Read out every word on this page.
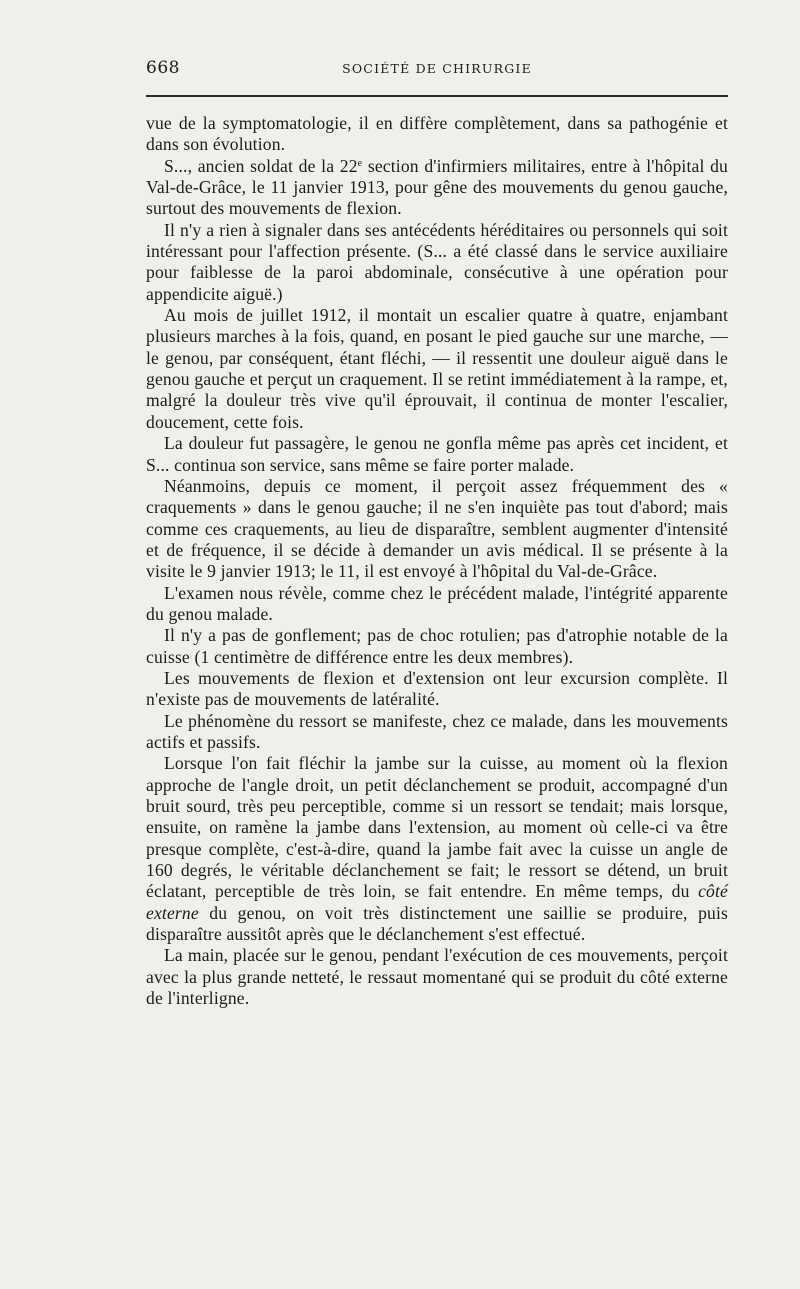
668	SOCIÉTÉ DE CHIRURGIE

vue de la symptomatologie, il en diffère complètement, dans sa pathogénie et dans son évolution.

S..., ancien soldat de la 22e section d'infirmiers militaires, entre à l'hôpital du Val-de-Grâce, le 11 janvier 1913, pour gêne des mouvements du genou gauche, surtout des mouvements de flexion.

Il n'y a rien à signaler dans ses antécédents héréditaires ou personnels qui soit intéressant pour l'affection présente. (S... a été classé dans le service auxiliaire pour faiblesse de la paroi abdominale, consécutive à une opération pour appendicite aiguë.)

Au mois de juillet 1912, il montait un escalier quatre à quatre, enjambant plusieurs marches à la fois, quand, en posant le pied gauche sur une marche, — le genou, par conséquent, étant fléchi, — il ressentit une douleur aiguë dans le genou gauche et perçut un craquement. Il se retint immédiatement à la rampe, et, malgré la douleur très vive qu'il éprouvait, il continua de monter l'escalier, doucement, cette fois.

La douleur fut passagère, le genou ne gonfla même pas après cet incident, et S... continua son service, sans même se faire porter malade.

Néanmoins, depuis ce moment, il perçoit assez fréquemment des « craquements » dans le genou gauche; il ne s'en inquiète pas tout d'abord; mais comme ces craquements, au lieu de disparaître, semblent augmenter d'intensité et de fréquence, il se décide à demander un avis médical. Il se présente à la visite le 9 janvier 1913; le 11, il est envoyé à l'hôpital du Val-de-Grâce.

L'examen nous révèle, comme chez le précédent malade, l'intégrité apparente du genou malade.

Il n'y a pas de gonflement; pas de choc rotulien; pas d'atrophie notable de la cuisse (1 centimètre de différence entre les deux membres).

Les mouvements de flexion et d'extension ont leur excursion complète. Il n'existe pas de mouvements de latéralité.

Le phénomène du ressort se manifeste, chez ce malade, dans les mouvements actifs et passifs.

Lorsque l'on fait fléchir la jambe sur la cuisse, au moment où la flexion approche de l'angle droit, un petit déclanchement se produit, accompagné d'un bruit sourd, très peu perceptible, comme si un ressort se tendait; mais lorsque, ensuite, on ramène la jambe dans l'extension, au moment où celle-ci va être presque complète, c'est-à-dire, quand la jambe fait avec la cuisse un angle de 160 degrés, le véritable déclanchement se fait; le ressort se détend, un bruit éclatant, perceptible de très loin, se fait entendre. En même temps, du côté externe du genou, on voit très distinctement une saillie se produire, puis disparaître aussitôt après que le déclanchement s'est effectué.

La main, placée sur le genou, pendant l'exécution de ces mouvements, perçoit avec la plus grande netteté, le ressaut momentané qui se produit du côté externe de l'interligne.
